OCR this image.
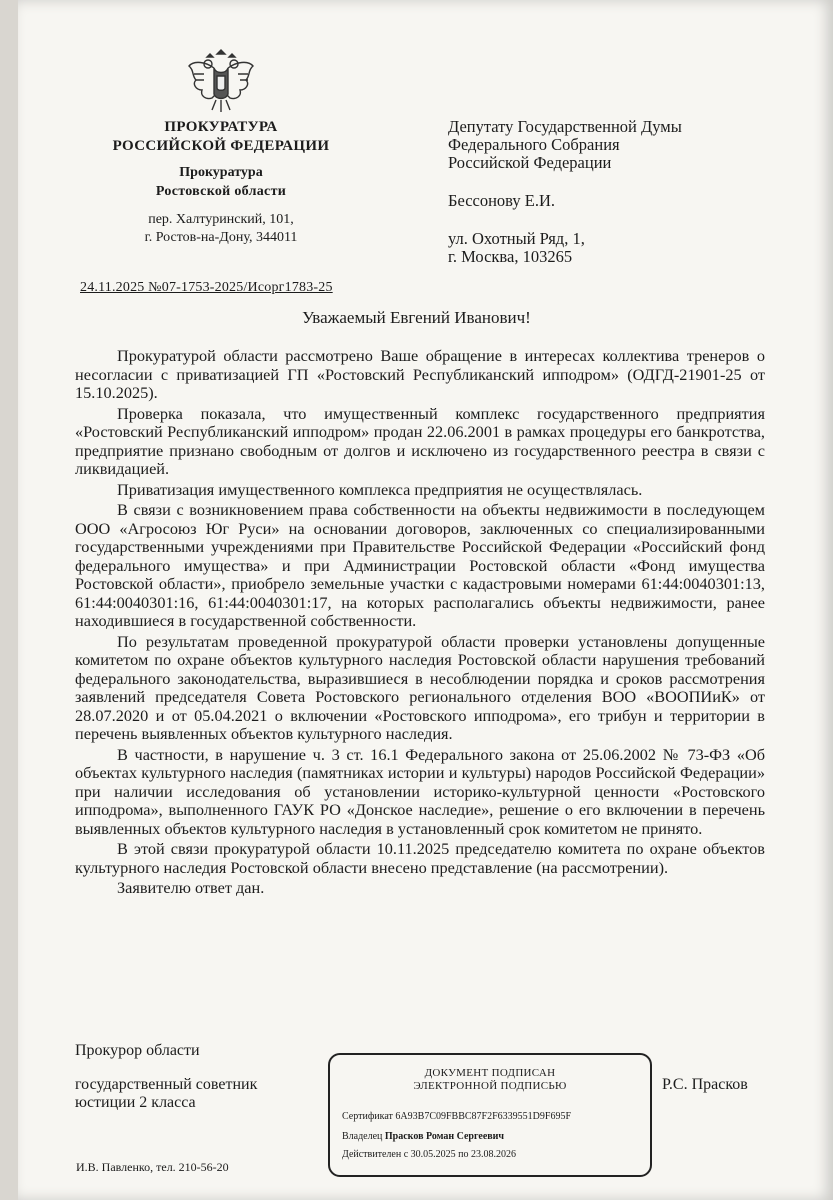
ПРОКУРАТУРА
РОССИЙСКОЙ ФЕДЕРАЦИИ
Прокуратура
Ростовской области
пер. Халтуринский, 101,
г. Ростов-на-Дону, 344011
Депутату Государственной Думы
Федерального Собрания
Российской Федерации
Бессонову Е.И.
ул. Охотный Ряд, 1,
г. Москва, 103265
24.11.2025 №07-1753-2025/Исорг1783-25
Уважаемый Евгений Иванович!

Прокуратурой области рассмотрено Ваше обращение в интересах коллектива тренеров о несогласии с приватизацией ГП «Ростовский Республиканский ипподром» (ОДГД-21901-25 от 15.10.2025).

Проверка показала, что имущественный комплекс государственного предприятия «Ростовский Республиканский ипподром» продан 22.06.2001 в рамках процедуры его банкротства, предприятие признано свободным от долгов и исключено из государственного реестра в связи с ликвидацией.

Приватизация имущественного комплекса предприятия не осуществлялась.

В связи с возникновением права собственности на объекты недвижимости в последующем ООО «Агросоюз Юг Руси» на основании договоров, заключенных со специализированными государственными учреждениями при Правительстве Российской Федерации «Российский фонд федерального имущества» и при Администрации Ростовской области «Фонд имущества Ростовской области», приобрело земельные участки с кадастровыми номерами 61:44:0040301:13, 61:44:0040301:16, 61:44:0040301:17, на которых располагались объекты недвижимости, ранее находившиеся в государственной собственности.

По результатам проведенной прокуратурой области проверки установлены допущенные комитетом по охране объектов культурного наследия Ростовской области нарушения требований федерального законодательства, выразившиеся в несоблюдении порядка и сроков рассмотрения заявлений председателя Совета Ростовского регионального отделения ВОО «ВООПИиК» от 28.07.2020 и от 05.04.2021 о включении «Ростовского ипподрома», его трибун и территории в перечень выявленных объектов культурного наследия.

В частности, в нарушение ч. 3 ст. 16.1 Федерального закона от 25.06.2002 № 73-ФЗ «Об объектах культурного наследия (памятниках истории и культуры) народов Российской Федерации» при наличии исследования об установлении историко-культурной ценности «Ростовского ипподрома», выполненного ГАУК РО «Донское наследие», решение о его включении в перечень выявленных объектов культурного наследия в установленный срок комитетом не принято.

В этой связи прокуратурой области 10.11.2025 председателю комитета по охране объектов культурного наследия Ростовской области внесено представление (на рассмотрении).

Заявителю ответ дан.

Прокурор области
государственный советник
юстиции 2 класса
ДОКУМЕНТ ПОДПИСАН
ЭЛЕКТРОННОЙ ПОДПИСЬЮ
Сертификат 6A93B7C09FBBC87F2F6339551D9F695F
Владелец Прасков Роман Сергеевич
Действителен с 30.05.2025 по 23.08.2026
Р.С. Прасков
И.В. Павленко, тел. 210-56-20
